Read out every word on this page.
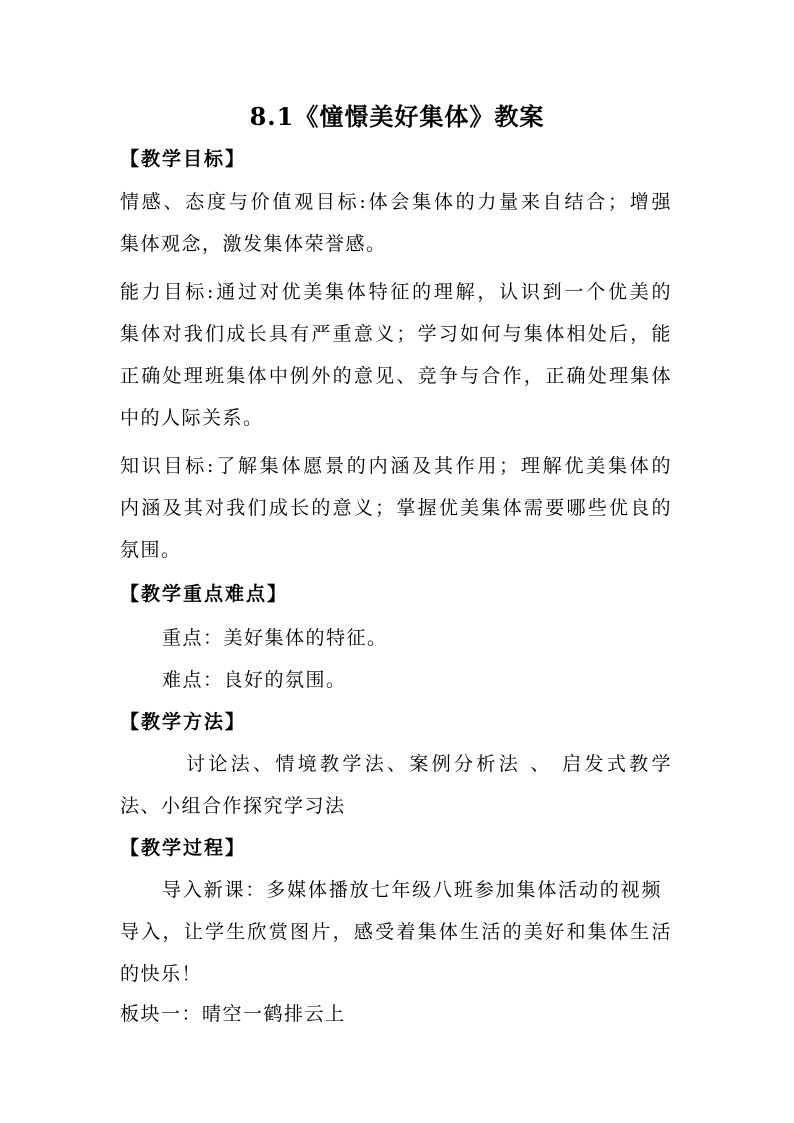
8.1《憧憬美好集体》教案
【教学目标】
情感、态度与价值观目标:体会集体的力量来自结合；增强
集体观念，激发集体荣誉感。
能力目标:通过对优美集体特征的理解，认识到一个优美的
集体对我们成长具有严重意义；学习如何与集体相处后，能
正确处理班集体中例外的意见、竞争与合作，正确处理集体
中的人际关系。
知识目标:了解集体愿景的内涵及其作用；理解优美集体的
内涵及其对我们成长的意义；掌握优美集体需要哪些优良的
氛围。
【教学重点难点】
重点：美好集体的特征。
难点：良好的氛围。
【教学方法】
讨论法、情境教学法、案例分析法 、 启发式教学
法、小组合作探究学习法
【教学过程】
导入新课：多媒体播放七年级八班参加集体活动的视频
导入，让学生欣赏图片，感受着集体生活的美好和集体生活
的快乐！
板块一：晴空一鹤排云上
